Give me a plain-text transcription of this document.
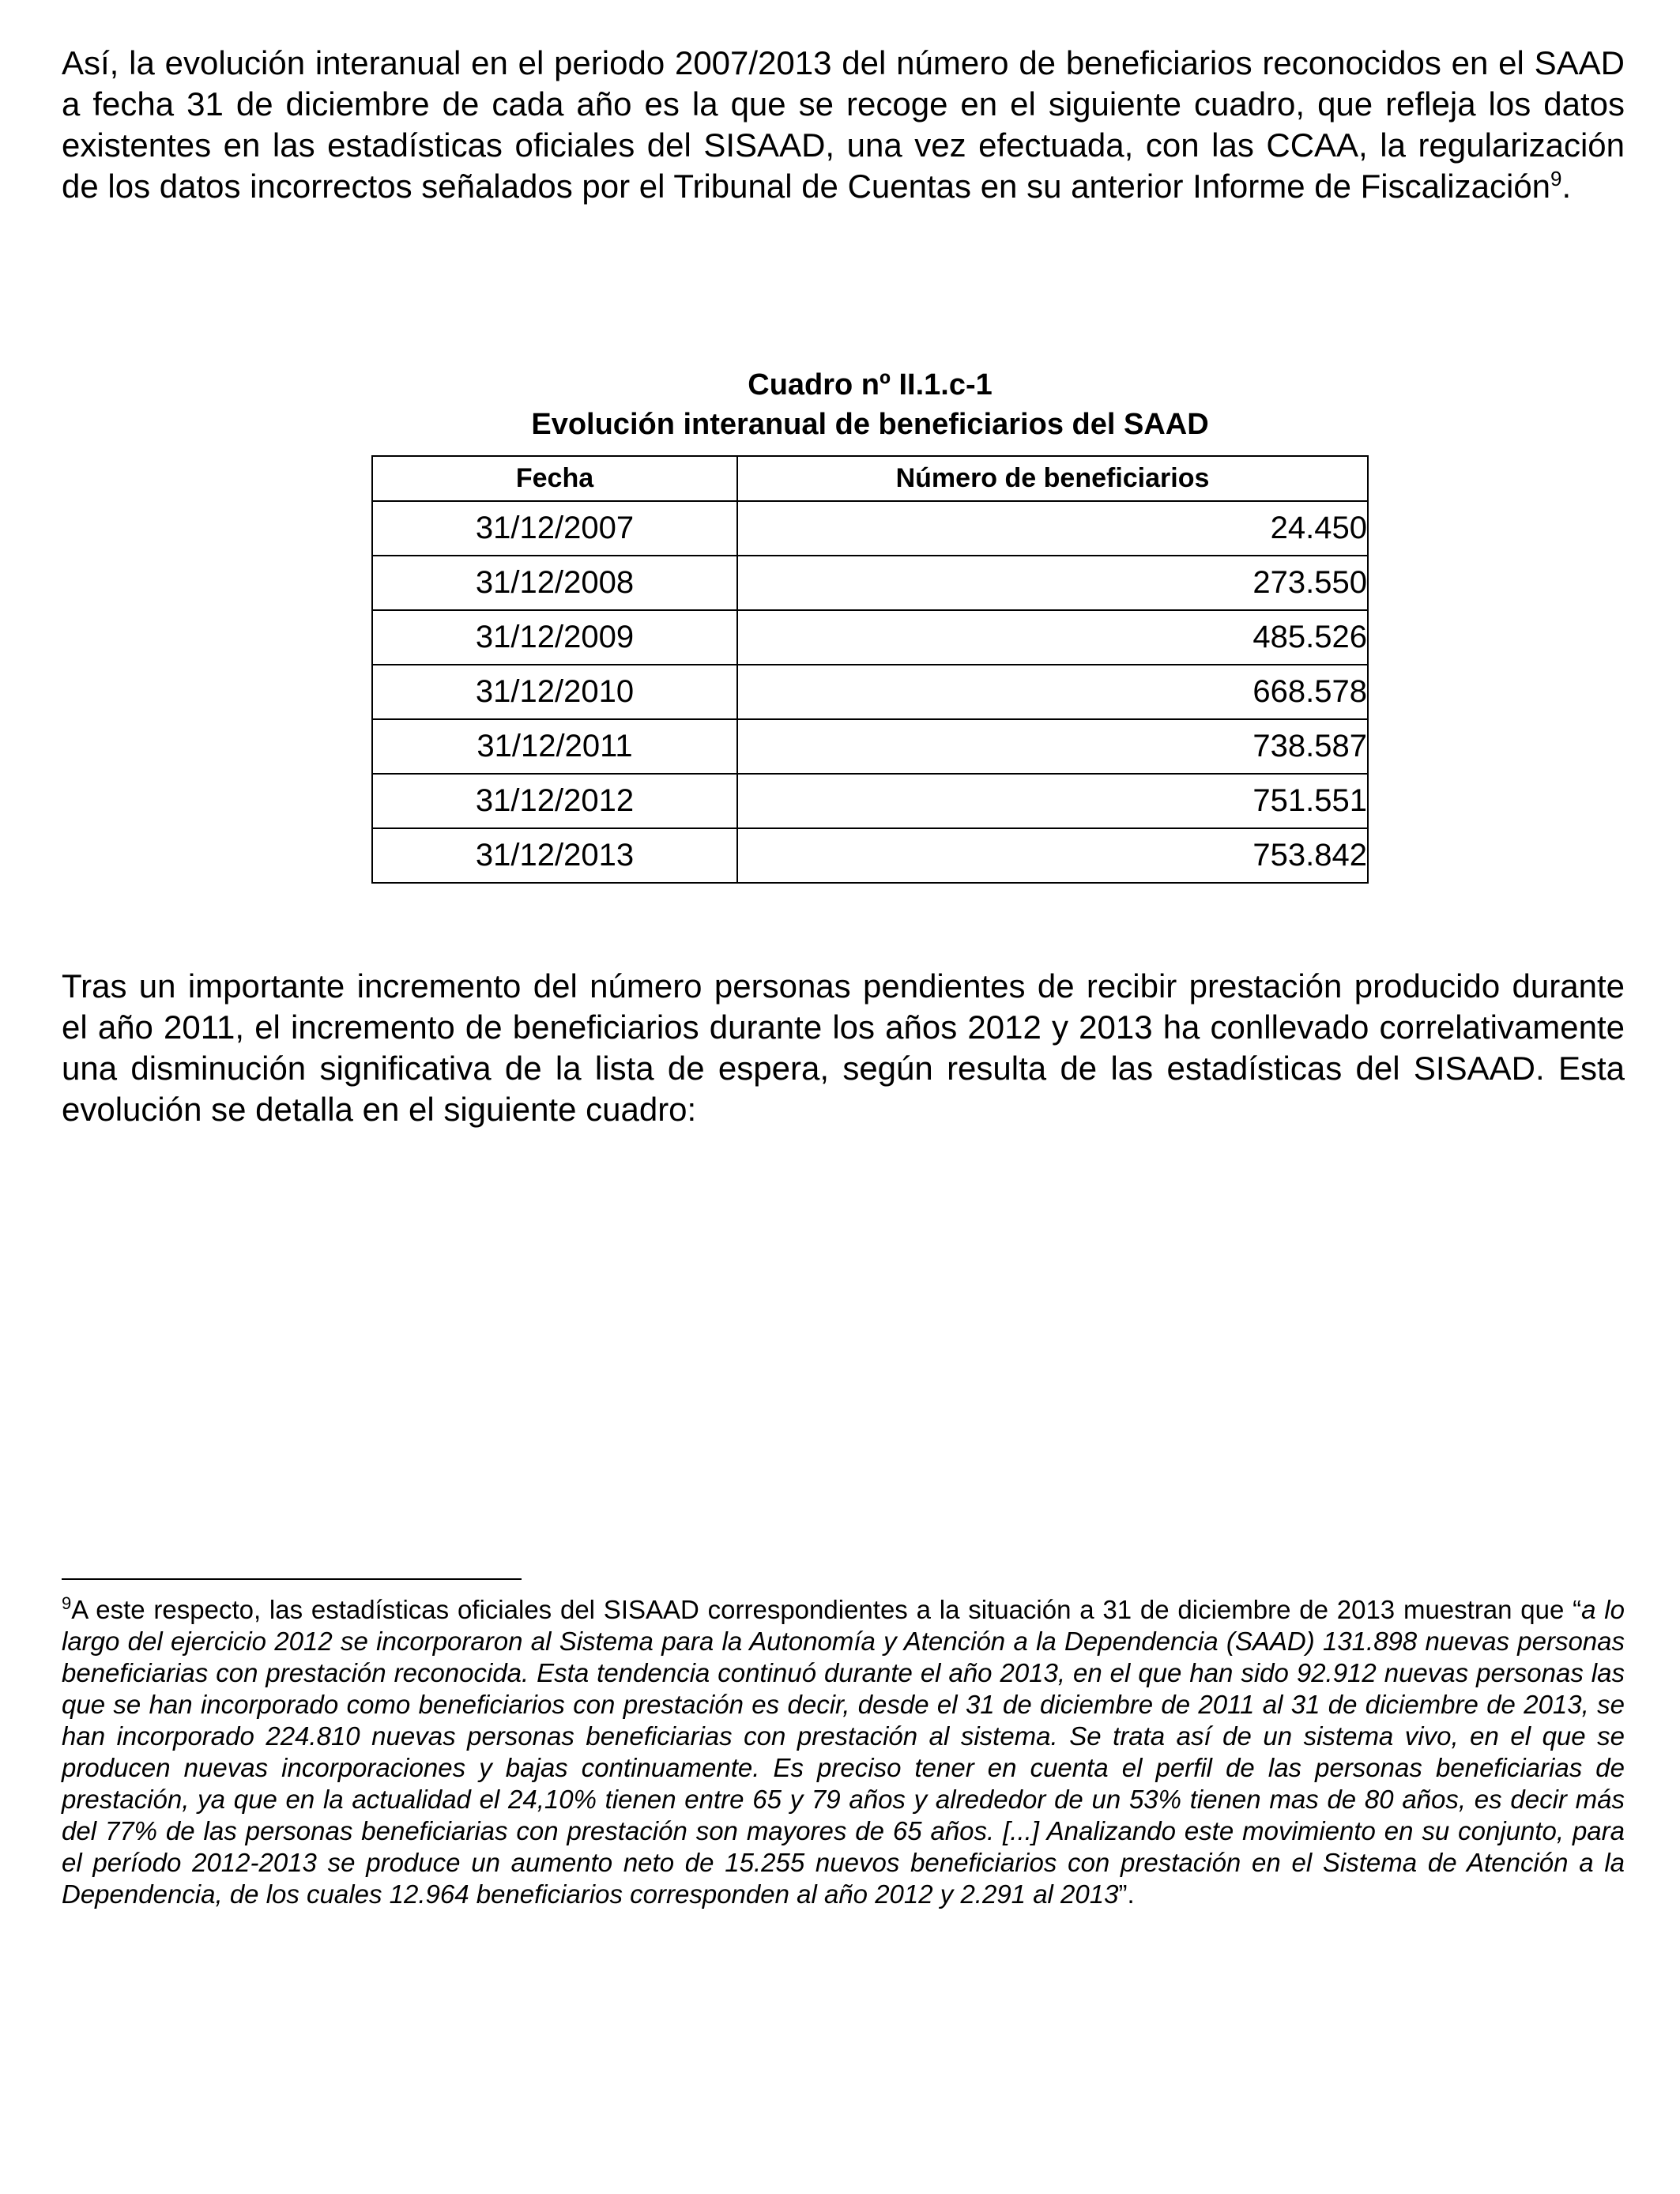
Así, la evolución interanual en el periodo 2007/2013 del número de beneficiarios reconocidos en el SAAD a fecha 31 de diciembre de cada año es la que se recoge en el siguiente cuadro, que refleja los datos existentes en las estadísticas oficiales del SISAAD, una vez efectuada, con las CCAA, la regularización de los datos incorrectos señalados por el Tribunal de Cuentas en su anterior Informe de Fiscalización$^9$.

Cuadro nº II.1.c-1

Evolución interanual de beneficiarios del SAAD

Fecha	Número de beneficiarios
31/12/2007	24.450
31/12/2008	273.550
31/12/2009	485.526
31/12/2010	668.578
31/12/2011	738.587
31/12/2012	751.551
31/12/2013	753.842

Tras un importante incremento del número personas pendientes de recibir prestación producido durante el año 2011, el incremento de beneficiarios durante los años 2012 y 2013 ha conllevado correlativamente una disminución significativa de la lista de espera, según resulta de las estadísticas del SISAAD. Esta evolución se detalla en el siguiente cuadro:

$^9$A este respecto, las estadísticas oficiales del SISAAD correspondientes a la situación a 31 de diciembre de 2013 muestran que “a lo largo del ejercicio 2012 se incorporaron al Sistema para la Autonomía y Atención a la Dependencia (SAAD) 131.898 nuevas personas beneficiarias con prestación reconocida. Esta tendencia continuó durante el año 2013, en el que han sido 92.912 nuevas personas las que se han incorporado como beneficiarios con prestación es decir, desde el 31 de diciembre de 2011 al 31 de diciembre de 2013, se han incorporado 224.810 nuevas personas beneficiarias con prestación al sistema. Se trata así de un sistema vivo, en el que se producen nuevas incorporaciones y bajas continuamente. Es preciso tener en cuenta el perfil de las personas beneficiarias de prestación, ya que en la actualidad el 24,10% tienen entre 65 y 79 años y alrededor de un 53% tienen mas de 80 años, es decir más del 77% de las personas beneficiarias con prestación son mayores de 65 años. [...] Analizando este movimiento en su conjunto, para el período 2012-2013 se produce un aumento neto de 15.255 nuevos beneficiarios con prestación en el Sistema de Atención a la Dependencia, de los cuales 12.964 beneficiarios corresponden al año 2012 y 2.291 al 2013”.
